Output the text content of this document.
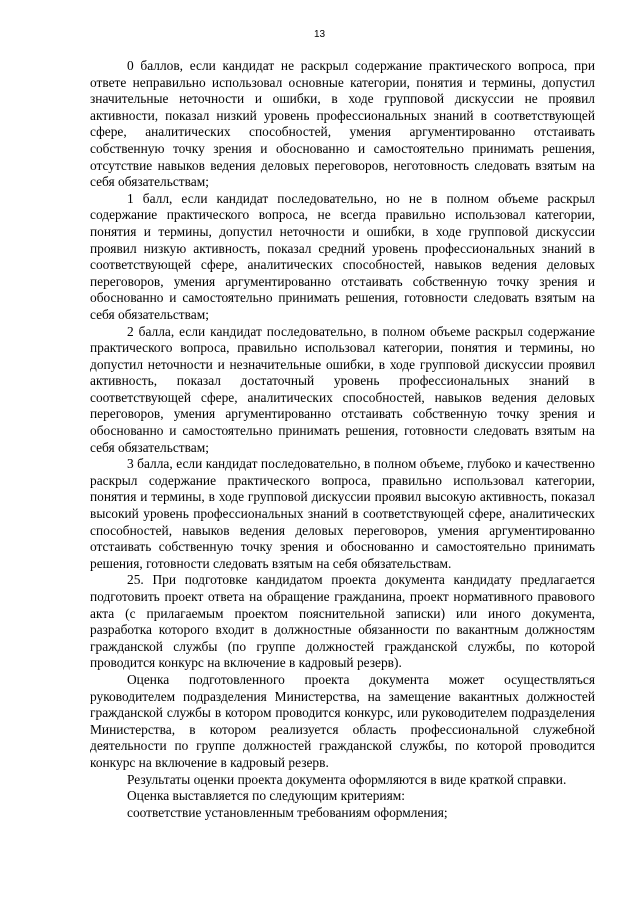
13

0 баллов, если кандидат не раскрыл содержание практического вопроса, при ответе неправильно использовал основные категории, понятия и термины, допустил значительные неточности и ошибки, в ходе групповой дискуссии не проявил активности, показал низкий уровень профессиональных знаний в соответствующей сфере, аналитических способностей, умения аргументированно отстаивать собственную точку зрения и обоснованно и самостоятельно принимать решения, отсутствие навыков ведения деловых переговоров, неготовность следовать взятым на себя обязательствам;

1 балл, если кандидат последовательно, но не в полном объеме раскрыл содержание практического вопроса, не всегда правильно использовал категории, понятия и термины, допустил неточности и ошибки, в ходе групповой дискуссии проявил низкую активность, показал средний уровень профессиональных знаний в соответствующей сфере, аналитических способностей, навыков ведения деловых переговоров, умения аргументированно отстаивать собственную точку зрения и обоснованно и самостоятельно принимать решения, готовности следовать взятым на себя обязательствам;

2 балла, если кандидат последовательно, в полном объеме раскрыл содержание практического вопроса, правильно использовал категории, понятия и термины, но допустил неточности и незначительные ошибки, в ходе групповой дискуссии проявил активность, показал достаточный уровень профессиональных знаний в соответствующей сфере, аналитических способностей, навыков ведения деловых переговоров, умения аргументированно отстаивать собственную точку зрения и обоснованно и самостоятельно принимать решения, готовности следовать взятым на себя обязательствам;

3 балла, если кандидат последовательно, в полном объеме, глубоко и качественно раскрыл содержание практического вопроса, правильно использовал категории, понятия и термины, в ходе групповой дискуссии проявил высокую активность, показал высокий уровень профессиональных знаний в соответствующей сфере, аналитических способностей, навыков ведения деловых переговоров, умения аргументированно отстаивать собственную точку зрения и обоснованно и самостоятельно принимать решения, готовности следовать взятым на себя обязательствам.

25. При подготовке кандидатом проекта документа кандидату предлагается подготовить проект ответа на обращение гражданина, проект нормативного правового акта (с прилагаемым проектом пояснительной записки) или иного документа, разработка которого входит в должностные обязанности по вакантным должностям гражданской службы (по группе должностей гражданской службы, по которой проводится конкурс на включение в кадровый резерв).

Оценка подготовленного проекта документа может осуществляться руководителем подразделения Министерства, на замещение вакантных должностей гражданской службы в котором проводится конкурс, или руководителем подразделения Министерства, в котором реализуется область профессиональной служебной деятельности по группе должностей гражданской службы, по которой проводится конкурс на включение в кадровый резерв.

Результаты оценки проекта документа оформляются в виде краткой справки.

Оценка выставляется по следующим критериям:

соответствие установленным требованиям оформления;
